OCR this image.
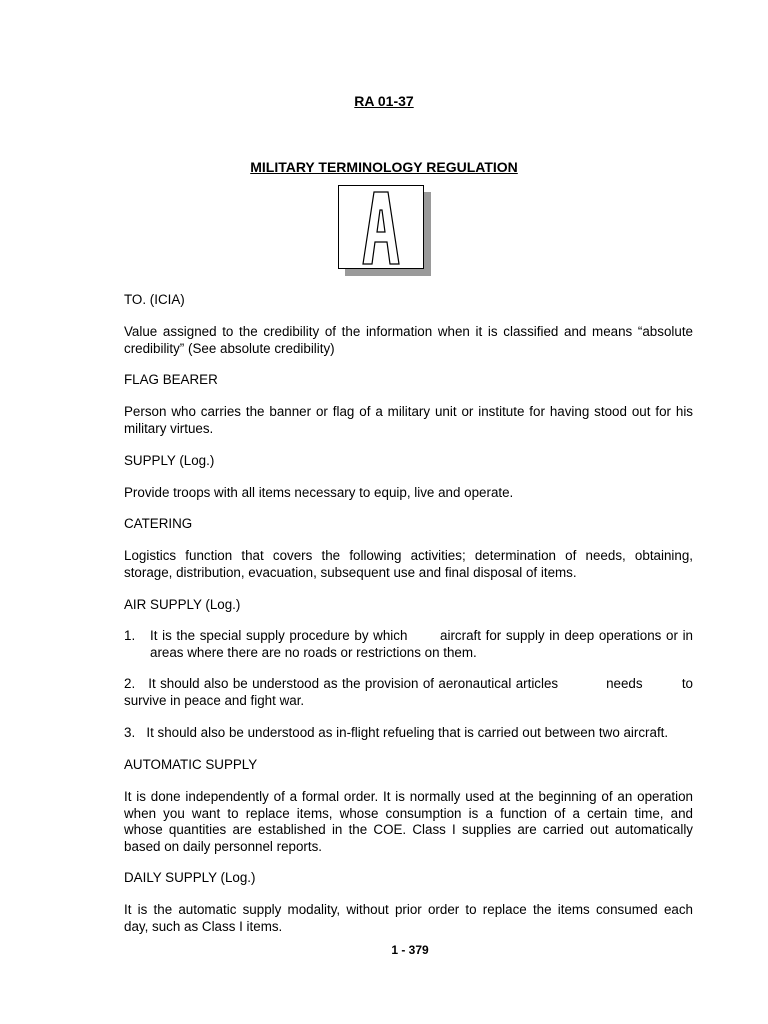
RA 01-37
MILITARY TERMINOLOGY REGULATION
TO. (ICIA)
Value assigned to the credibility of the information when it is classified and means “absolute
credibility” (See absolute credibility)
FLAG BEARER
Person who carries the banner or flag of a military unit or institute for having stood out for his
military virtues.
SUPPLY (Log.)
Provide troops with all items necessary to equip, live and operate.
CATERING
Logistics function that covers the following activities; determination of needs, obtaining,
storage, distribution, evacuation, subsequent use and final disposal of items.
AIR SUPPLY (Log.)
1. It is the special supply procedure by which       aircraft for supply in deep operations or in
areas where there are no roads or restrictions on them.
2. It should also be understood as the provision of aeronautical articles           needs         to
survive in peace and fight war.
3. It should also be understood as in-flight refueling that is carried out between two aircraft.
AUTOMATIC SUPPLY
It is done independently of a formal order. It is normally used at the beginning of an operation
when you want to replace items, whose consumption is a function of a certain time, and
whose quantities are established in the COE. Class I supplies are carried out automatically
based on daily personnel reports.
DAILY SUPPLY (Log.)
It is the automatic supply modality, without prior order to replace the items consumed each
day, such as Class I items.
1 - 379
